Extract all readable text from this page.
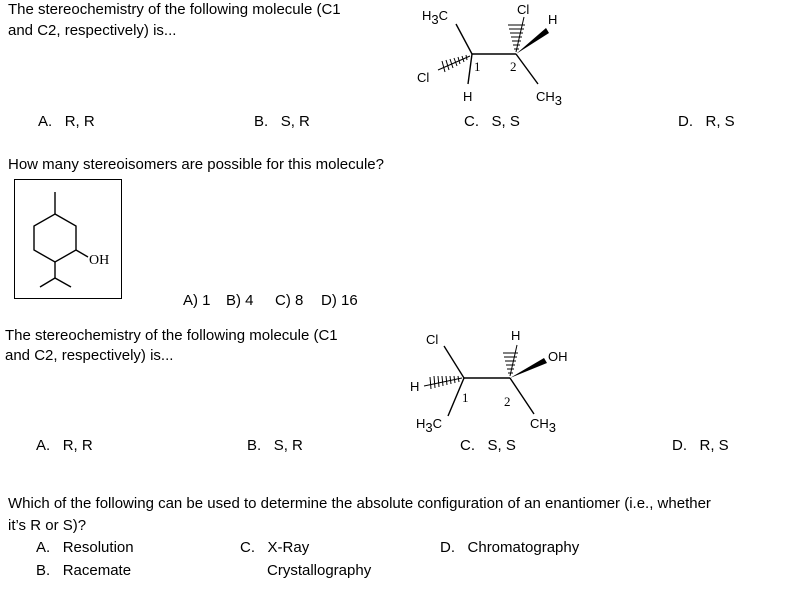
The stereochemistry of the following molecule (C1
and C2, respectively) is...
H3C	Cl
H
Cl
H	CH3
1 2
A. R, R	B. S, R	C. S, S	D. R, S
How many stereoisomers are possible for this molecule?
OH
A) 1 B) 4 C) 8 D) 16
The stereochemistry of the following molecule (C1
and C2, respectively) is...
Cl
H
H3C
H
OH
CH3
1	2
A. R, R	B. S, R	C. S, S	D. R, S
Which of the following can be used to determine the absolute configuration of an enantiomer (i.e., whether
it’s R or S)?
A. Resolution
B. Racemate
C. X-Ray
Crystallography
D. Chromatography
